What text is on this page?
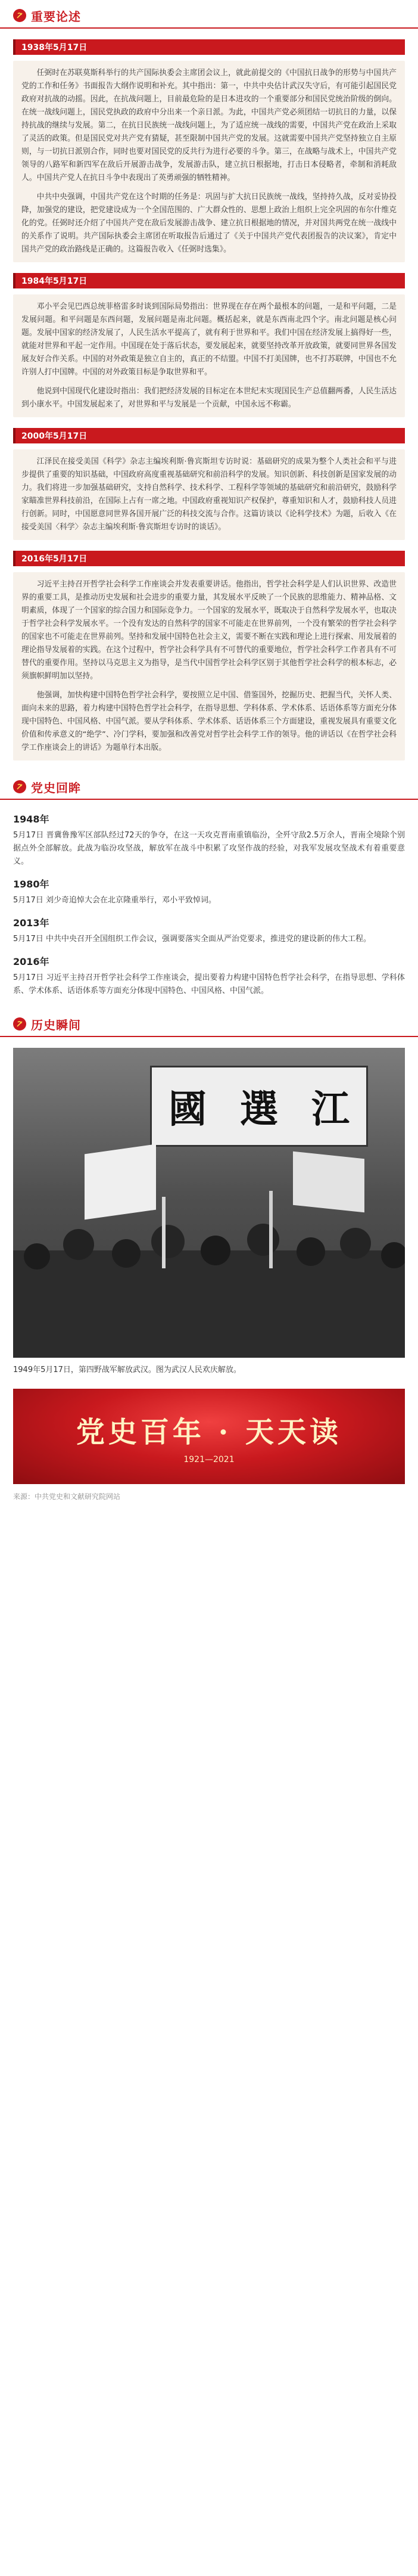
重要论述
1938年5月17日

任弼时在苏联莫斯科举行的共产国际执委会主席团会议上，就此前提交的《中国抗日战争的形势与中国共产党的工作和任务》书面报告大纲作说明和补充。其中指出：第一，中共中央估计武汉失守后，有可能引起国民党政府对抗战的动摇。因此，在抗战问题上，目前最危险的是日本进攻的一个重要部分和国民党统治阶级的倒向。在统一战线问题上，国民党执政的政府中分出来一个亲日派。为此，中国共产党必须团结一切抗日的力量，以保持抗战的继续与发展。第二，在抗日民族统一战线问题上，为了适应统一战线的需要，中国共产党在政治上采取了灵活的政策。但是国民党对共产党有猜疑，甚至限制中国共产党的发展。这就需要中国共产党坚持独立自主原则，与一切抗日派别合作，同时也要对国民党的反共行为进行必要的斗争。第三，在战略与战术上，中国共产党领导的八路军和新四军在敌后开展游击战争，发展游击队，建立抗日根据地，打击日本侵略者，牵制和消耗敌人。中国共产党人在抗日斗争中表现出了英勇顽强的牺牲精神。

中共中央强调，中国共产党在这个时期的任务是：巩固与扩大抗日民族统一战线，坚持持久战，反对妥协投降，加强党的建设，把党建设成为一个全国范围的、广大群众性的、思想上政治上组织上完全巩固的布尔什维克化的党。任弼时还介绍了中国共产党在敌后发展游击战争、建立抗日根据地的情况，并对国共两党在统一战线中的关系作了说明。共产国际执委会主席团在听取报告后通过了《关于中国共产党代表团报告的决议案》，肯定中国共产党的政治路线是正确的。这篇报告收入《任弼时选集》。

1984年5月17日

邓小平会见巴西总统菲格雷多时谈到国际局势指出：世界现在存在两个最根本的问题，一是和平问题，二是发展问题。和平问题是东西问题，发展问题是南北问题。概括起来，就是东西南北四个字。南北问题是核心问题。发展中国家的经济发展了，人民生活水平提高了，就有利于世界和平。我们中国在经济发展上搞得好一些，就能对世界和平起一定作用。中国现在处于落后状态，要发展起来，就要坚持改革开放政策，就要同世界各国发展友好合作关系。中国的对外政策是独立自主的，真正的不结盟。中国不打美国牌，也不打苏联牌，中国也不允许别人打中国牌。中国的对外政策目标是争取世界和平。

他说到中国现代化建设时指出：我们把经济发展的目标定在本世纪末实现国民生产总值翻两番，人民生活达到小康水平。中国发展起来了，对世界和平与发展是一个贡献，中国永远不称霸。

2000年5月17日

江泽民在接受美国《科学》杂志主编埃利斯·鲁宾斯坦专访时说：基础研究的成果为整个人类社会和平与进步提供了重要的知识基础，中国政府高度重视基础研究和前沿科学的发展。知识创新、科技创新是国家发展的动力。我们将进一步加强基础研究，支持自然科学、技术科学、工程科学等领域的基础研究和前沿研究，鼓励科学家瞄准世界科技前沿，在国际上占有一席之地。中国政府重视知识产权保护，尊重知识和人才，鼓励科技人员进行创新。同时，中国愿意同世界各国开展广泛的科技交流与合作。这篇访谈以《论科学技术》为题，后收入《在接受美国〈科学〉杂志主编埃利斯·鲁宾斯坦专访时的谈话》。

2016年5月17日

习近平主持召开哲学社会科学工作座谈会并发表重要讲话。他指出，哲学社会科学是人们认识世界、改造世界的重要工具，是推动历史发展和社会进步的重要力量，其发展水平反映了一个民族的思维能力、精神品格、文明素质，体现了一个国家的综合国力和国际竞争力。一个国家的发展水平，既取决于自然科学发展水平，也取决于哲学社会科学发展水平。一个没有发达的自然科学的国家不可能走在世界前列，一个没有繁荣的哲学社会科学的国家也不可能走在世界前列。坚持和发展中国特色社会主义，需要不断在实践和理论上进行探索、用发展着的理论指导发展着的实践。在这个过程中，哲学社会科学具有不可替代的重要地位，哲学社会科学工作者具有不可替代的重要作用。坚持以马克思主义为指导，是当代中国哲学社会科学区别于其他哲学社会科学的根本标志，必须旗帜鲜明加以坚持。

他强调，加快构建中国特色哲学社会科学，要按照立足中国、借鉴国外，挖掘历史、把握当代，关怀人类、面向未来的思路，着力构建中国特色哲学社会科学，在指导思想、学科体系、学术体系、话语体系等方面充分体现中国特色、中国风格、中国气派。要从学科体系、学术体系、话语体系三个方面建设，重视发展具有重要文化价值和传承意义的“绝学”、冷门学科，要加强和改善党对哲学社会科学工作的领导。他的讲话以《在哲学社会科学工作座谈会上的讲话》为题单行本出版。

党史回眸
1948年

5月17日 晋冀鲁豫军区部队经过72天的争夺，在这一天攻克晋南重镇临汾，全歼守敌2.5万余人，晋南全境除个别据点外全部解放。此战为临汾攻坚战，解放军在战斗中积累了攻坚作战的经验，对我军发展攻坚战术有着重要意义。

1980年

5月17日 刘少奇追悼大会在北京隆重举行，邓小平致悼词。

2013年

5月17日 中共中央召开全国组织工作会议，强调要落实全面从严治党要求，推进党的建设新的伟大工程。

2016年

5月17日 习近平主持召开哲学社会科学工作座谈会，提出要着力构建中国特色哲学社会科学，在指导思想、学科体系、学术体系、话语体系等方面充分体现中国特色、中国风格、中国气派。

历史瞬间
國 選 江
1949年5月17日，第四野战军解放武汉。图为武汉人民欢庆解放。
党史百年 · 天天读
1921—2021
来源：中共党史和文献研究院网站
